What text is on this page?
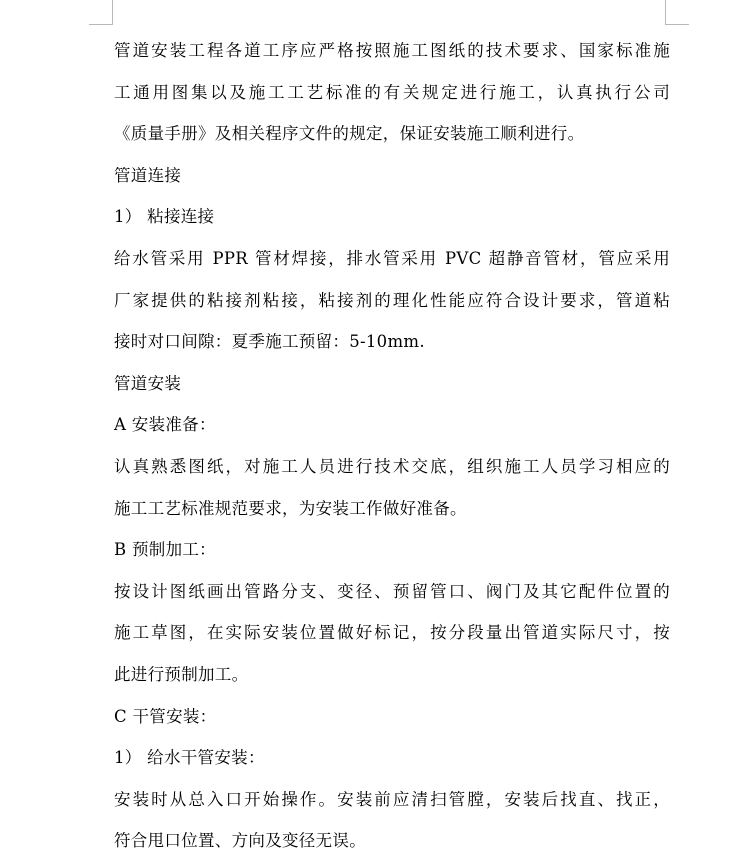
管道安装工程各道工序应严格按照施工图纸的技术要求、国家标准施
工通用图集以及施工工艺标准的有关规定进行施工，认真执行公司
《质量手册》及相关程序文件的规定，保证安装施工顺利进行。
管道连接
1） 粘接连接
给水管采用 PPR 管材焊接，排水管采用 PVC 超静音管材，管应采用
厂家提供的粘接剂粘接，粘接剂的理化性能应符合设计要求，管道粘
接时对口间隙：夏季施工预留：5-10mm.
管道安装
A 安装准备：
认真熟悉图纸，对施工人员进行技术交底，组织施工人员学习相应的
施工工艺标准规范要求，为安装工作做好准备。
B 预制加工：
按设计图纸画出管路分支、变径、预留管口、阀门及其它配件位置的
施工草图，在实际安装位置做好标记，按分段量出管道实际尺寸，按
此进行预制加工。
C 干管安装：
1） 给水干管安装：
安装时从总入口开始操作。安装前应清扫管膛，安装后找直、找正，
符合甩口位置、方向及变径无误。
